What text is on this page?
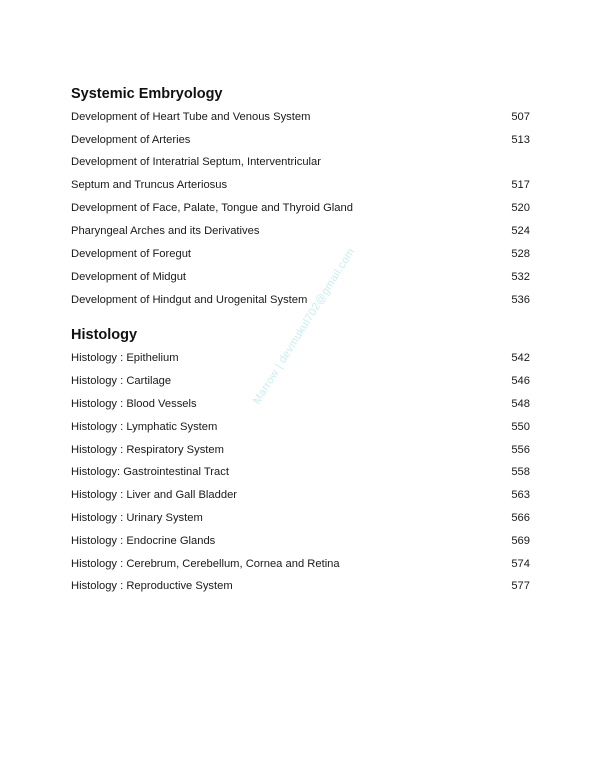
Systemic Embryology
Development of Heart Tube and Venous System	507
Development of Arteries	513
Development of Interatrial Septum, Interventricular
Septum and Truncus Arteriosus	517
Development of Face, Palate, Tongue and Thyroid Gland	520
Pharyngeal Arches and its Derivatives	524
Development of Foregut	528
Development of Midgut	532
Development of Hindgut and Urogenital System	536
Histology
Histology : Epithelium	542
Histology : Cartilage	546
Histology : Blood Vessels	548
Histology : Lymphatic System	550
Histology : Respiratory System	556
Histology: Gastrointestinal Tract	558
Histology : Liver and Gall Bladder	563
Histology : Urinary System	566
Histology : Endocrine Glands	569
Histology : Cerebrum, Cerebellum, Cornea and Retina	574
Histology : Reproductive System	577
Marrow | devmukul702@gmail.com
